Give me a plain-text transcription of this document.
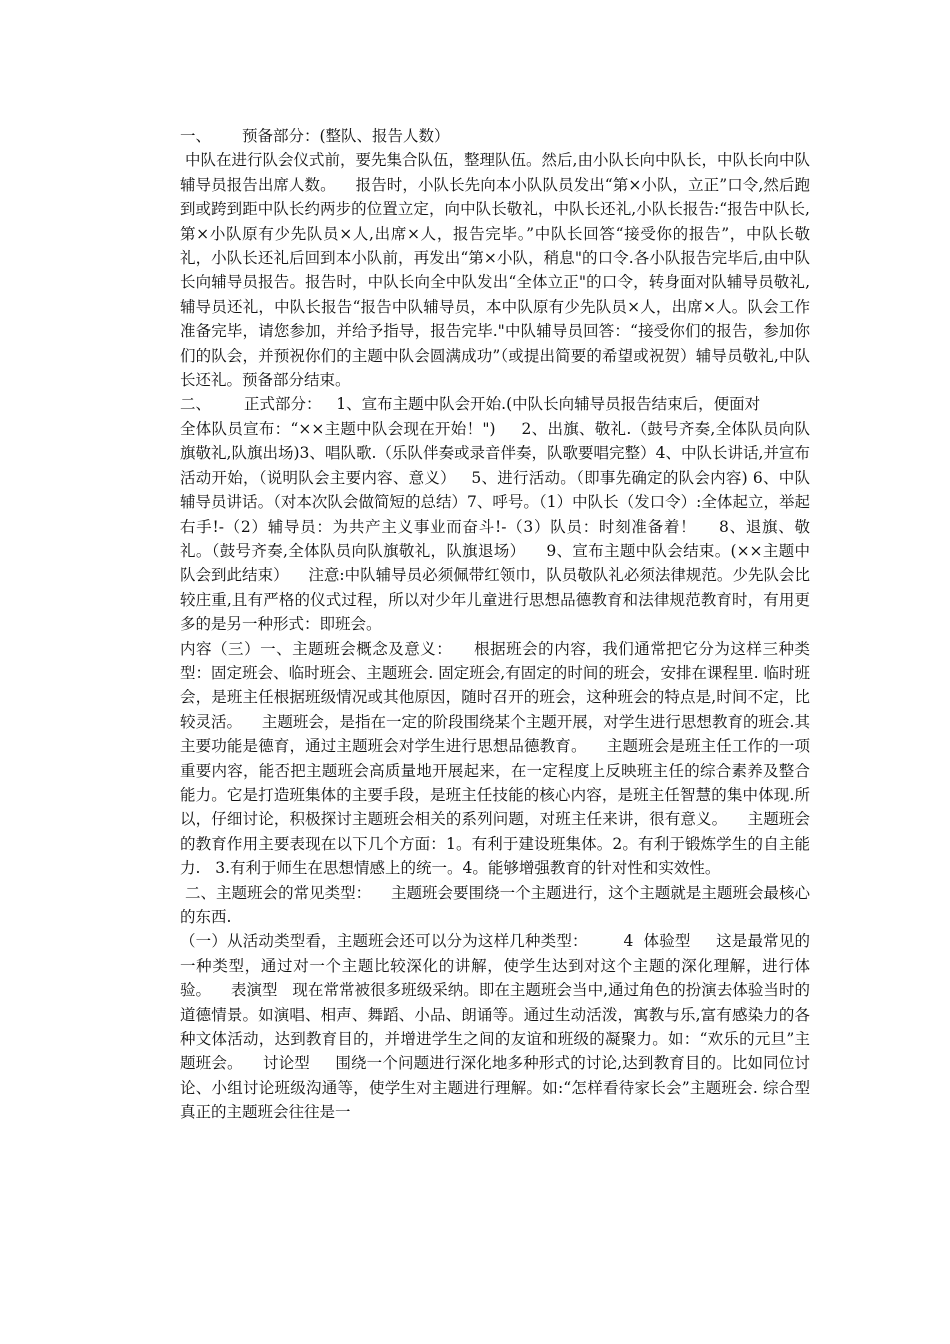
一、 预备部分：(整队、报告人数）

中队在进行队会仪式前，要先集合队伍，整理队伍。然后,由小队长向中队长，中队长向中队辅导员报告出席人数。    报告时，小队长先向本小队队员发出“第×小队，立正”口令,然后跑到或跨到距中队长约两步的位置立定，向中队长敬礼，中队长还礼,小队长报告:“报告中队长,第×小队原有少先队员×人,出席×人，报告完毕。”中队长回答“接受你的报告”，中队长敬礼，小队长还礼后回到本小队前，再发出“第×小队，稍息"的口令.各小队报告完毕后,由中队长向辅导员报告。报告时，中队长向全中队发出“全体立正"的口令，转身面对队辅导员敬礼,辅导员还礼，中队长报告“报告中队辅导员，本中队原有少先队员×人，出席×人。队会工作准备完毕，请您参加，并给予指导，报告完毕."中队辅导员回答：“接受你们的报告，参加你们的队会，并预祝你们的主题中队会圆满成功”（或提出简要的希望或祝贺）辅导员敬礼,中队长还礼。预备部分结束。

二、 正式部分：   1、宣布主题中队会开始.(中队长向辅导员报告结束后，便面对

全体队员宣布：“××主题中队会现在开始！")     2、出旗、敬礼.（鼓号齐奏,全体队员向队旗敬礼,队旗出场)3、唱队歌.（乐队伴奏或录音伴奏，队歌要唱完整）4、中队长讲话,并宣布活动开始，（说明队会主要内容、意义）   5、进行活动。（即事先确定的队会内容) 6、中队辅导员讲话。（对本次队会做简短的总结）7、呼号。（1）中队长（发口令）:全体起立，举起右手!-（2）辅导员：为共产主义事业而奋斗!-（3）队员：时刻准备着！    8、退旗、敬礼。（鼓号齐奏,全体队员向队旗敬礼，队旗退场）    9、宣布主题中队会结束。(××主题中队会到此结束）    注意:中队辅导员必须佩带红领巾，队员敬队礼必须法律规范。少先队会比较庄重,且有严格的仪式过程，所以对少年儿童进行思想品德教育和法律规范教育时，有用更多的是另一种形式：即班会。

内容（三）一、主题班会概念及意义：    根据班会的内容，我们通常把它分为这样三种类型：固定班会、临时班会、主题班会. 固定班会,有固定的时间的班会，安排在课程里. 临时班会，是班主任根据班级情况或其他原因，随时召开的班会，这种班会的特点是,时间不定，比较灵活。    主题班会，是指在一定的阶段围绕某个主题开展，对学生进行思想教育的班会.其主要功能是德育，通过主题班会对学生进行思想品德教育。    主题班会是班主任工作的一项重要内容，能否把主题班会高质量地开展起来，在一定程度上反映班主任的综合素养及整合能力。它是打造班集体的主要手段，是班主任技能的核心内容，是班主任智慧的集中体现.所以，仔细讨论，积极探讨主题班会相关的系列问题，对班主任来讲，很有意义。    主题班会的教育作用主要表现在以下几个方面：1。有利于建设班集体。2。有利于锻炼学生的自主能力.   3.有利于师生在思想情感上的统一。4。能够增强教育的针对性和实效性。

二、主题班会的常见类型：    主题班会要围绕一个主题进行，这个主题就是主题班会最核心的东西.

（一）从活动类型看，主题班会还可以分为这样几种类型：       4  体验型     这是最常见的一种类型，通过对一个主题比较深化的讲解，使学生达到对这个主题的深化理解，进行体验。    表演型   现在常常被很多班级采纳。即在主题班会当中,通过角色的扮演去体验当时的道德情景。如演唱、相声、舞蹈、小品、朗诵等。通过生动活泼，寓教与乐,富有感染力的各种文体活动，达到教育目的，并增进学生之间的友谊和班级的凝聚力。如：“欢乐的元旦”主题班会。    讨论型     围绕一个问题进行深化地多种形式的讨论,达到教育目的。比如同位讨论、小组讨论班级沟通等，使学生对主题进行理解。如:“怎样看待家长会”主题班会. 综合型      真正的主题班会往往是一
